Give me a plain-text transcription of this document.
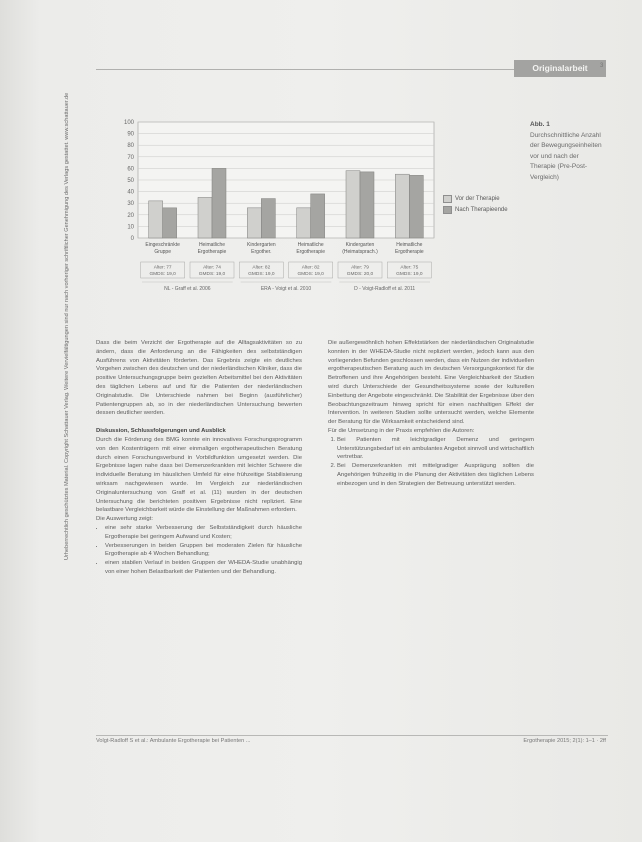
Urheberrechtlich geschütztes Material. Copyright Schattauer Verlag. Weitere Vervielfältigungen sind nur nach vorheriger schriftlicher Genehmigung des Verlags gestattet. www.schattauer.de
Originalarbeit	3
0
10
20
30
40
50
60
70
80
90
100
Eingeschränkte
Gruppe
Alter: 77
GMDS: 19,0
Heimatliche
Ergotherapie
Alter: 74
GMDS: 19,0
Kindergarten
Ergother.
Alter: 82
GMDS: 19,0
Heimatliche
Ergotherapie
Alter: 82
GMDS: 19,0
Kindergarten
(Heimatsprach.)
Alter: 79
GMDS: 20,0
Heimatliche
Ergotherapie
Alter: 75
GMDS: 19,0
NL - Graff et al. 2006	ERA - Voigt et al. 2010	D - Voigt-Radloff et al. 2011
Vor der Therapie
Nach Therapieende
Abb. 1
Durchschnittliche Anzahl der Bewegungseinheiten vor und nach der Therapie (Pre-Post-Vergleich)

Dass die beim Verzicht der Ergotherapie auf die Alltagsaktivitäten so zu ändern, dass die Anforderung an die Fähigkeiten des selbstständigen Ausführens von Aktivitäten förderten. Das Ergebnis zeigte ein deutliches Vorgehen zwischen des deutschen und der niederländischen Kliniker, dass die positive Untersuchungsgruppe beim gezielten Arbeitsmittel bei den Aktivitäten des täglichen Lebens auf und für die Patienten der niederländischen Originalstudie. Die Unterschiede nahmen bei Beginn (ausführlicher) Patientengruppen ab, so in der niederländischen Untersuchung bewerten dessen deutlicher werden.

Diskussion, Schlussfolgerungen und Ausblick

Durch die Förderung des BMG konnte ein innovatives Forschungsprogramm von den Kostenträgern mit einer einmaligen ergotherapeutischen Beratung durch einen Forschungsverbund in Vorbildfunktion umgesetzt werden. Die Ergebnisse lagen nahe dass bei Demenzerkrankten mit leichter Schwere die individuelle Beratung im häuslichen Umfeld für eine frühzeitige Stabilisierung wirksam nachgewiesen wurde. Im Vergleich zur niederländischen Originaluntersuchung von Graff et al. (11) wurden in der deutschen Untersuchung die berichteten positiven Ergebnisse nicht repliziert. Eine belastbare Vergleichbarkeit würde die Einstellung der Maßnahmen erfordern.

Die Auswertung zeigt:

• eine sehr starke Verbesserung der Selbstständigkeit durch häusliche Ergotherapie bei geringem Aufwand und Kosten;
• Verbesserungen in beiden Gruppen bei moderaten Zielen für häusliche Ergotherapie ab 4 Wochen Behandlung;
• einen stabilen Verlauf in beiden Gruppen der WHEDA-Studie unabhängig von einer hohen Belastbarkeit der Patienten und der Behandlung.

Die außergewöhnlich hohen Effektstärken der niederländischen Originalstudie konnten in der WHEDA-Studie nicht repliziert werden, jedoch kann aus den vorliegenden Befunden geschlossen werden, dass ein Nutzen der individuellen ergotherapeutischen Beratung auch im deutschen Versorgungskontext für die Betroffenen und ihre Angehörigen besteht. Eine Vergleichbarkeit der Studien wird durch Unterschiede der Gesundheitssysteme sowie der kulturellen Einbettung der Angebote eingeschränkt. Die Stabilität der Ergebnisse über den Beobachtungszeitraum hinweg spricht für einen nachhaltigen Effekt der Intervention. In weiteren Studien sollte untersucht werden, welche Elemente der Beratung für die Wirksamkeit entscheidend sind.

Für die Umsetzung in der Praxis empfehlen die Autoren:

1. Bei Patienten mit leichtgradiger Demenz und geringem Unterstützungsbedarf ist ein ambulantes Angebot sinnvoll und wirtschaftlich vertretbar.
2. Bei Demenzerkrankten mit mittelgradiger Ausprägung sollten die Angehörigen frühzeitig in die Planung der Aktivitäten des täglichen Lebens einbezogen und in den Strategien der Betreuung unterstützt werden.
Volgt-Radloff S et al.: Ambulante Ergotherapie bei Patienten ...	Ergotherapie 2015; 2(1): 1–1 · 2ff
